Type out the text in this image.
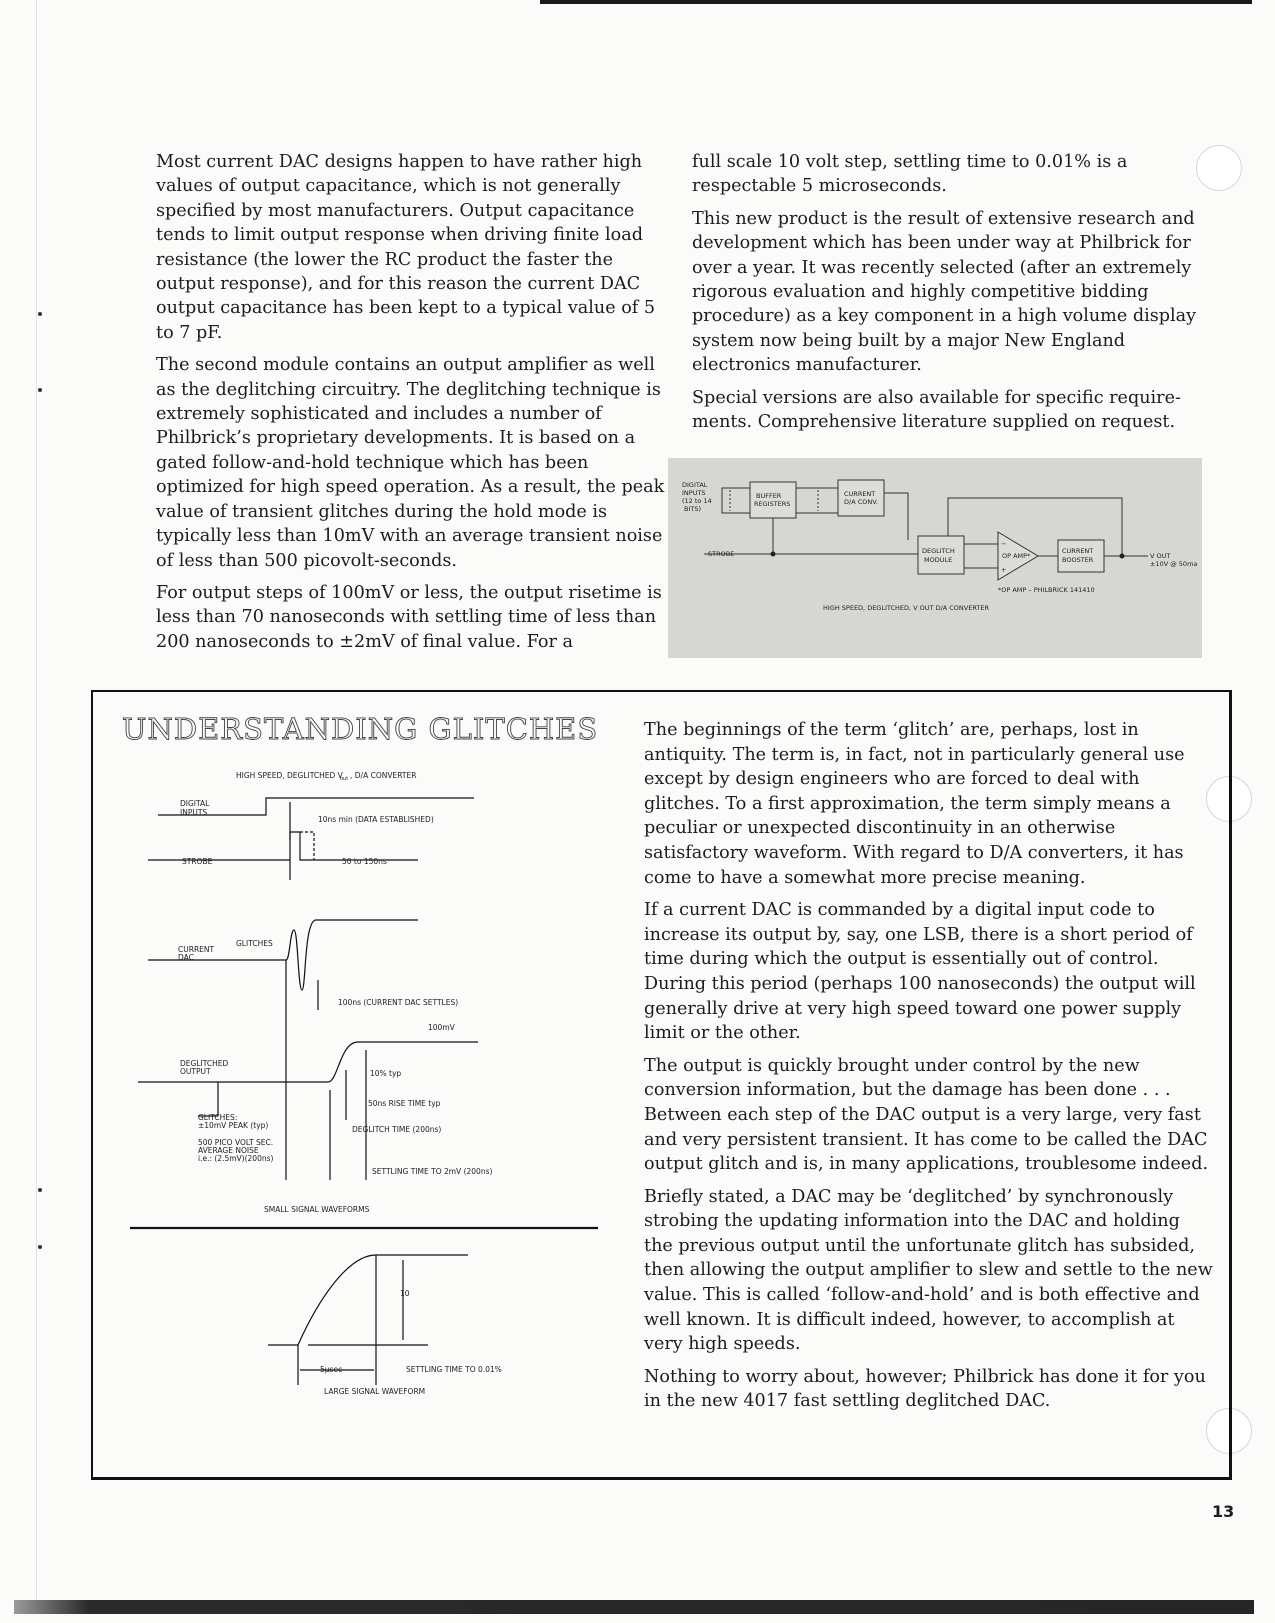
Most current DAC designs happen to have rather high values of output capacitance, which is not generally specified by most manufacturers. Output capacitance tends to limit output response when driving finite load resistance (the lower the RC product the faster the output response), and for this reason the current DAC output capacitance has been kept to a typical value of 5 to 7 pF.

The second module contains an output amplifier as well as the deglitching circuitry. The deglitching technique is extremely sophisticated and includes a number of Philbrick’s proprietary developments. It is based on a gated follow-and-hold technique which has been optimized for high speed operation. As a result, the peak value of transient glitches during the hold mode is typically less than 10mV with an average transient noise of less than 500 picovolt-seconds.

For output steps of 100mV or less, the output risetime is less than 70 nanoseconds with settling time of less than 200 nanoseconds to ±2mV of final value. For a

full scale 10 volt step, settling time to 0.01% is a respectable 5 microseconds.

This new product is the result of extensive research and development which has been under way at Philbrick for over a year. It was recently selected (after an extremely rigorous evaluation and highly competitive bidding procedure) as a key component in a high volume display system now being built by a major New England electronics manufacturer.

Special versions are also available for specific require-ments. Comprehensive literature supplied on request.

DIGITAL
INPUTS
(12 to 14
BITS)
STROBE
BUFFER
REGISTERS
CURRENT
D/A CONV.
DEGLITCH
MODULE	OP AMP*
−
+
CURRENT
BOOSTER	V OUT
±10V @ 50ma
*OP AMP – PHILBRICK 141410
HIGH SPEED, DEGLITCHED, V OUT D/A CONVERTER
UNDERSTANDING GLITCHES
HIGH SPEED, DEGLITCHED V
out , D/A CONVERTER
DIGITAL
INPUTS
10ns min (DATA ESTABLISHED)
STROBE	50 to 150ns
CURRENT
DAC
GLITCHES
100ns (CURRENT DAC SETTLES)
100mV
DEGLITCHED
OUTPUT	10% typ
50ns RISE TIME typ
GLITCHES:
±10mV PEAK (typ)
500 PICO VOLT SEC.
AVERAGE NOISE
i.e.: (2.5mV)(200ns)
DEGLITCH TIME (200ns)
SETTLING TIME TO 2mV (200ns)
SMALL SIGNAL WAVEFORMS
10
5μsec	SETTLING TIME TO 0.01%
LARGE SIGNAL WAVEFORM

The beginnings of the term ‘glitch’ are, perhaps, lost in antiquity. The term is, in fact, not in particularly general use except by design engineers who are forced to deal with glitches. To a first approximation, the term simply means a peculiar or unexpected discontinuity in an otherwise satisfactory waveform. With regard to D/A converters, it has come to have a somewhat more precise meaning.

If a current DAC is commanded by a digital input code to increase its output by, say, one LSB, there is a short period of time during which the output is essentially out of control. During this period (perhaps 100 nanoseconds) the output will generally drive at very high speed toward one power supply limit or the other.

The output is quickly brought under control by the new conversion information, but the damage has been done . . . Between each step of the DAC output is a very large, very fast and very persistent transient. It has come to be called the DAC output glitch and is, in many applications, troublesome indeed.

Briefly stated, a DAC may be ‘deglitched’ by synchronously strobing the updating information into the DAC and holding the previous output until the unfortunate glitch has subsided, then allowing the output amplifier to slew and settle to the new value. This is called ‘follow-and-hold’ and is both effective and well known. It is difficult indeed, however, to accomplish at very high speeds.

Nothing to worry about, however; Philbrick has done it for you in the new 4017 fast settling deglitched DAC.

13
